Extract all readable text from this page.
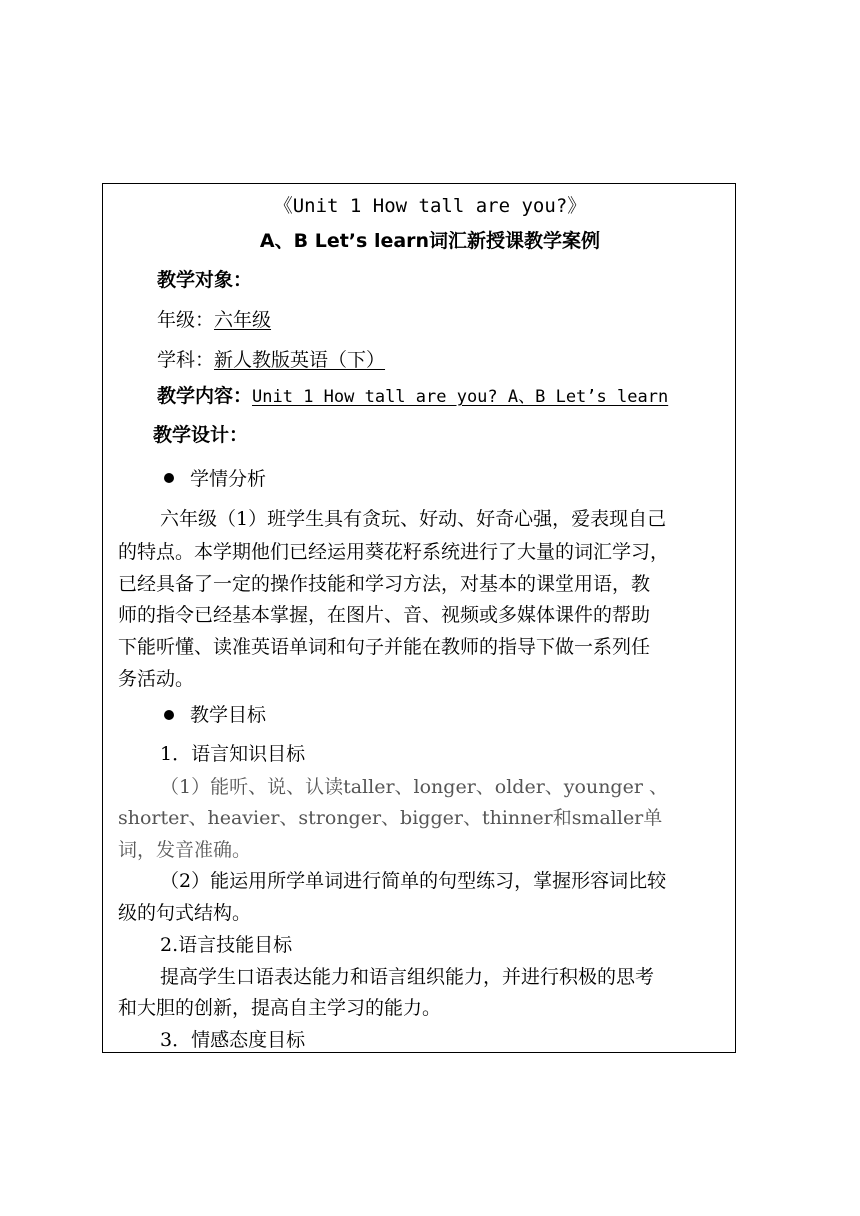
《Unit 1 How tall are you?》
A、B Let’s learn词汇新授课教学案例
教学对象：
年级：六年级
学科：新人教版英语（下）
教学内容：Unit 1 How tall are you? A、B Let’s learn
教学设计：
学情分析
六年级（1）班学生具有贪玩、好动、好奇心强，爱表现自己
的特点。本学期他们已经运用葵花籽系统进行了大量的词汇学习，
已经具备了一定的操作技能和学习方法，对基本的课堂用语，教
师的指令已经基本掌握，在图片、音、视频或多媒体课件的帮助
下能听懂、读准英语单词和句子并能在教师的指导下做一系列任
务活动。
教学目标
1．语言知识目标
（1）能听、说、认读taller、longer、older、younger 、
shorter、heavier、stronger、bigger、thinner和smaller单
词，发音准确。
（2）能运用所学单词进行简单的句型练习，掌握形容词比较
级的句式结构。
2.语言技能目标
提高学生口语表达能力和语言组织能力，并进行积极的思考
和大胆的创新，提高自主学习的能力。
3．情感态度目标
